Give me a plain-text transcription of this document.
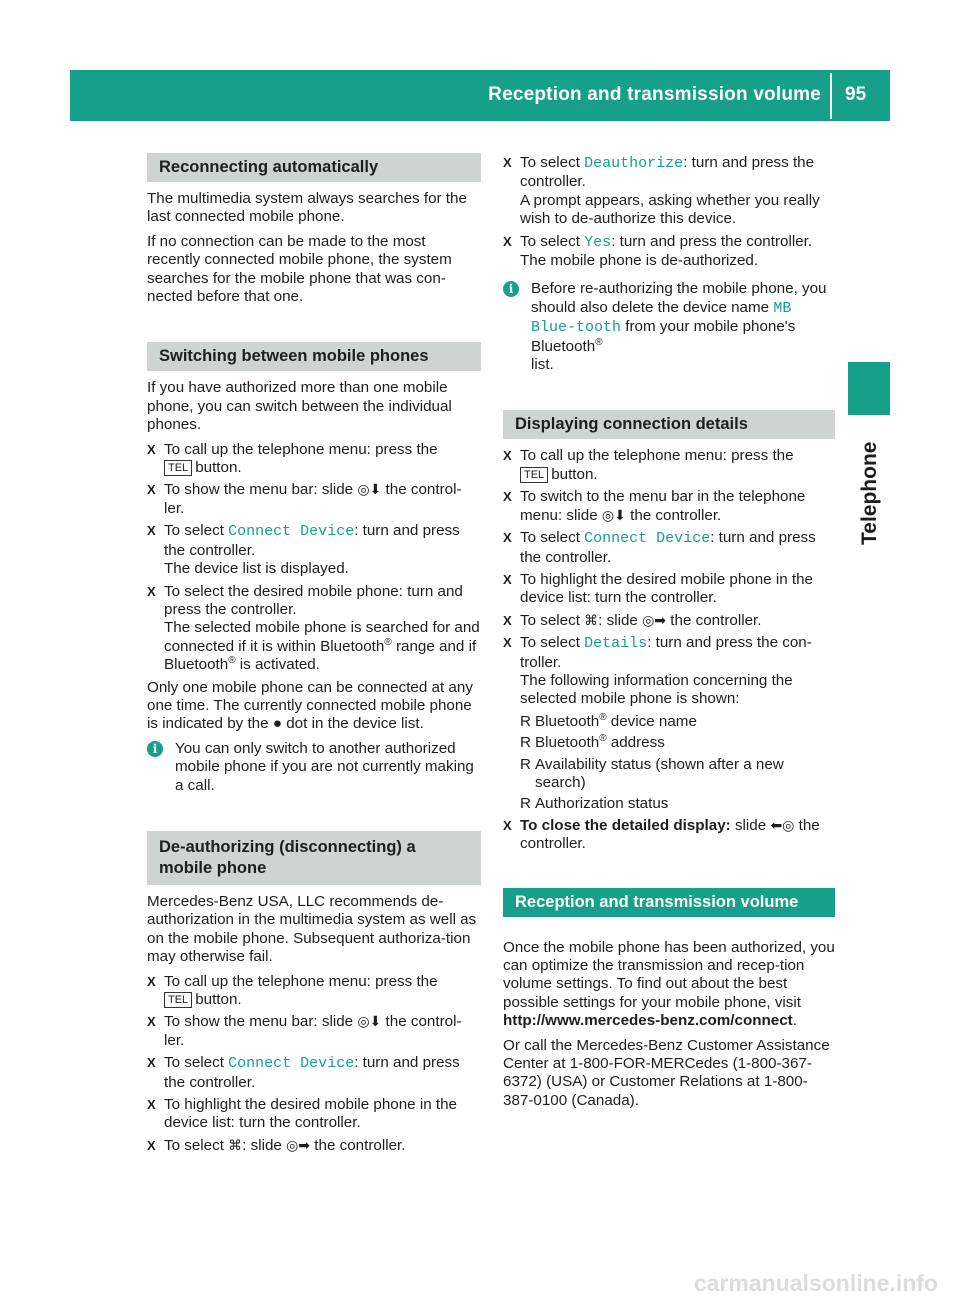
Reception and transmission volume 95
Telephone
Reconnecting automatically

The multimedia system always searches for the last connected mobile phone.

If no connection can be made to the most recently connected mobile phone, the system searches for the mobile phone that was con-nected before that one.

Switching between mobile phones

If you have authorized more than one mobile phone, you can switch between the individual phones.

X To call up the telephone menu: press the
TEL button.
X To show the menu bar: slide ◎⬇ the control-ler.
X To select Connect Device: turn and press the controller.
The device list is displayed.
X To select the desired mobile phone: turn and press the controller.
The selected mobile phone is searched for and connected if it is within Bluetooth® range and if Bluetooth® is activated.

Only one mobile phone can be connected at any one time. The currently connected mobile phone is indicated by the ● dot in the device list.

i	You can only switch to another authorized mobile phone if you are not currently making a call.
De-authorizing (disconnecting) a
mobile phone

Mercedes-Benz USA, LLC recommends de-authorization in the multimedia system as well as on the mobile phone. Subsequent authoriza-tion may otherwise fail.

X To call up the telephone menu: press the
TEL button.
X To show the menu bar: slide ◎⬇ the control-ler.
X To select Connect Device: turn and press the controller.
X To highlight the desired mobile phone in the device list: turn the controller.
X To select ⌘: slide ◎➡ the controller.
X To select Deauthorize: turn and press the controller.
A prompt appears, asking whether you really wish to de-authorize this device.
X To select Yes: turn and press the controller.
The mobile phone is de-authorized.
i	Before re-authorizing the mobile phone, you should also delete the device name MB Blue-tooth from your mobile phone's Bluetooth®
list.
Displaying connection details
X To call up the telephone menu: press the
TEL button.
X To switch to the menu bar in the telephone menu: slide ◎⬇ the controller.
X To select Connect Device: turn and press the controller.
X To highlight the desired mobile phone in the device list: turn the controller.
X To select ⌘: slide ◎➡ the controller.
X To select Details: turn and press the con-troller.
The following information concerning the selected mobile phone is shown:
R Bluetooth® device name
R Bluetooth® address
R Availability status (shown after a new search)
R Authorization status
X To close the detailed display: slide ⬅◎ the controller.
Reception and transmission volume

Once the mobile phone has been authorized, you can optimize the transmission and recep-tion volume settings. To find out about the best possible settings for your mobile phone, visit
http://www.mercedes-benz.com/connect.

Or call the Mercedes-Benz Customer Assistance Center at 1-800-FOR-MERCedes (1-800-367-6372) (USA) or Customer Relations at 1-800-387-0100 (Canada).

carmanualsonline.info
